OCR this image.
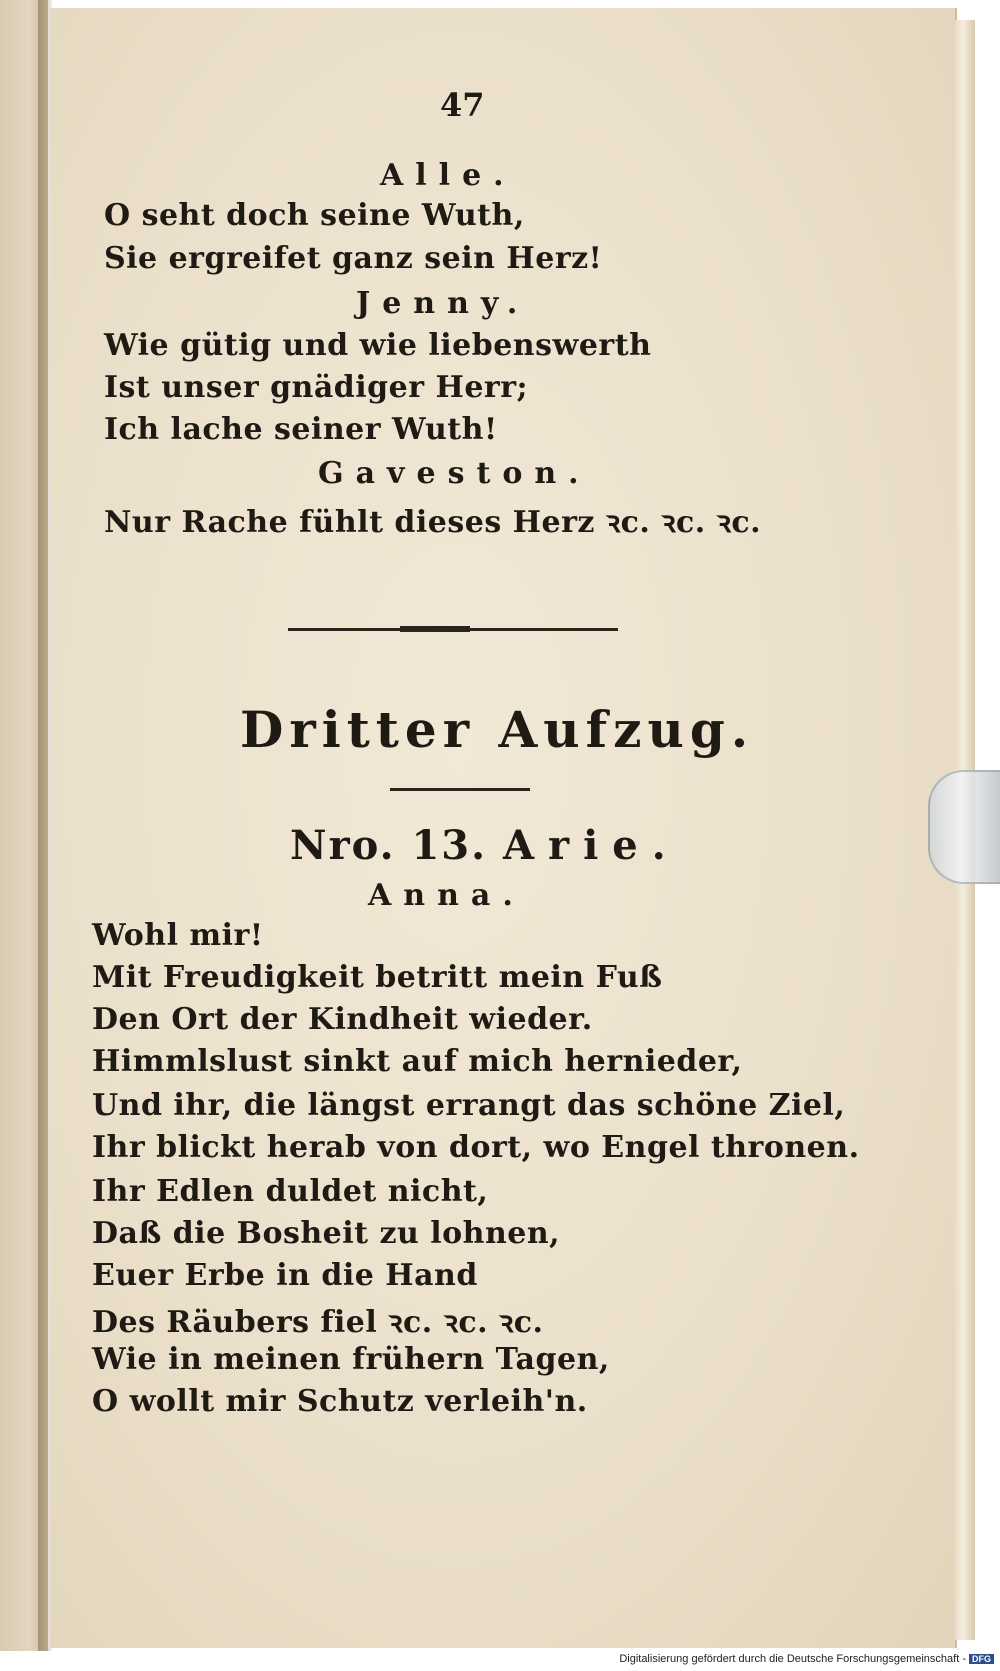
47
Alle.
O seht doch seine Wuth,
Sie ergreifet ganz sein Herz!
Jenny.
Wie gütig und wie liebenswerth
Ist unser gnädiger Herr;
Ich lache seiner Wuth!
Gaveston.
Nur Rache fühlt dieses Herz ꝛc. ꝛc. ꝛc.
Dritter Aufzug.
Nro. 13. Arie.
Anna.
Wohl mir!
Mit Freudigkeit betritt mein Fuß
Den Ort der Kindheit wieder.
Himmlslust sinkt auf mich hernieder,
Und ihr, die längst errangt das schöne Ziel,
Ihr blickt herab von dort, wo Engel thronen.
Ihr Edlen duldet nicht,
Daß die Bosheit zu lohnen,
Euer Erbe in die Hand
Des Räubers fiel ꝛc. ꝛc. ꝛc.
Wie in meinen frühern Tagen,
O wollt mir Schutz verleih'n.
Digitalisierung gefördert durch die Deutsche Forschungsgemeinschaft - DFG
